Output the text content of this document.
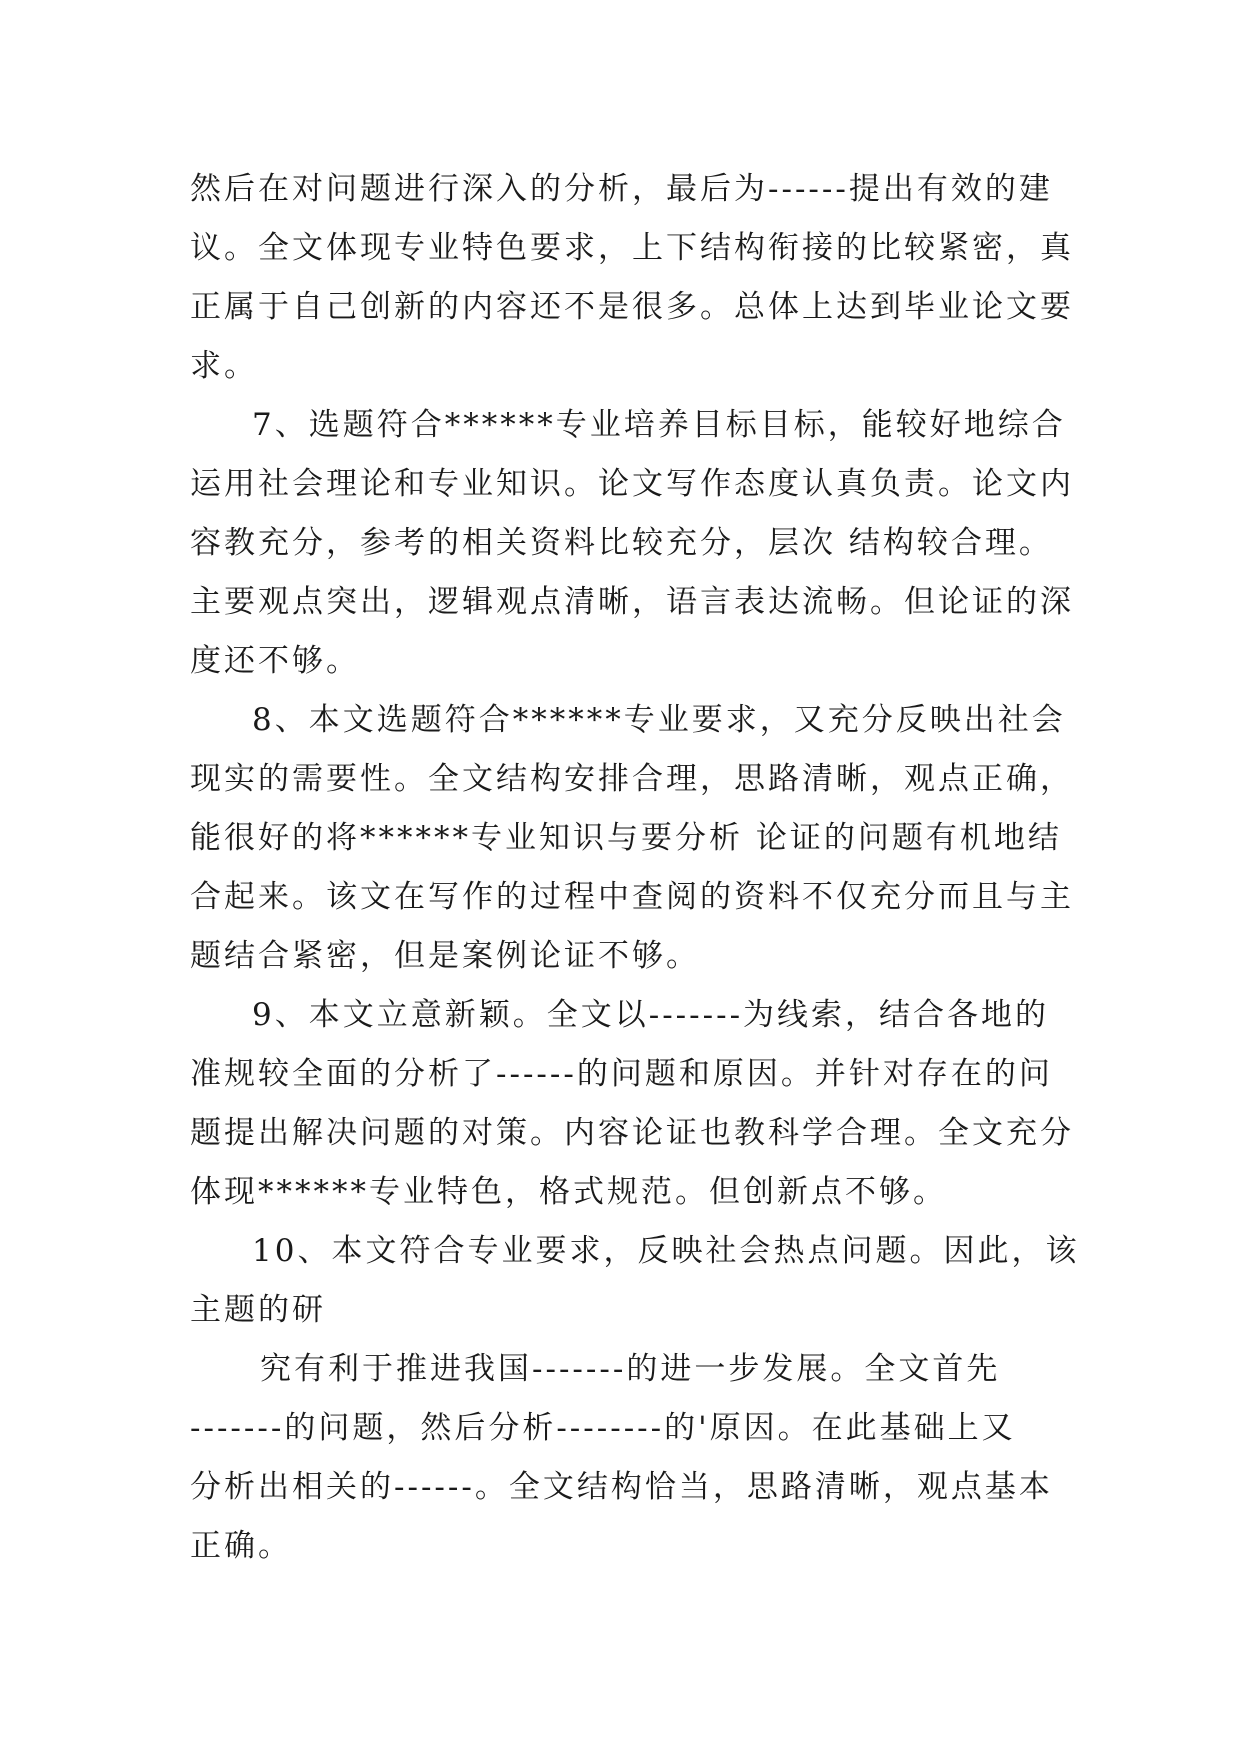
然后在对问题进行深入的分析，最后为------提出有效的建
议。全文体现专业特色要求，上下结构衔接的比较紧密，真
正属于自己创新的内容还不是很多。总体上达到毕业论文要
求。
7、选题符合******专业培养目标目标，能较好地综合
运用社会理论和专业知识。论文写作态度认真负责。论文内
容教充分，参考的相关资料比较充分，层次 结构较合理。
主要观点突出，逻辑观点清晰，语言表达流畅。但论证的深
度还不够。
8、本文选题符合******专业要求，又充分反映出社会
现实的需要性。全文结构安排合理，思路清晰，观点正确，
能很好的将******专业知识与要分析 论证的问题有机地结
合起来。该文在写作的过程中查阅的资料不仅充分而且与主
题结合紧密，但是案例论证不够。
9、本文立意新颖。全文以-------为线索，结合各地的
准规较全面的分析了------的问题和原因。并针对存在的问
题提出解决问题的对策。内容论证也教科学合理。全文充分
体现******专业特色，格式规范。但创新点不够。
10、本文符合专业要求，反映社会热点问题。因此，该
主题的研
究有利于推进我国-------的进一步发展。全文首先
-------的问题，然后分析--------的'原因。在此基础上又
分析出相关的------。全文结构恰当，思路清晰，观点基本
正确。
